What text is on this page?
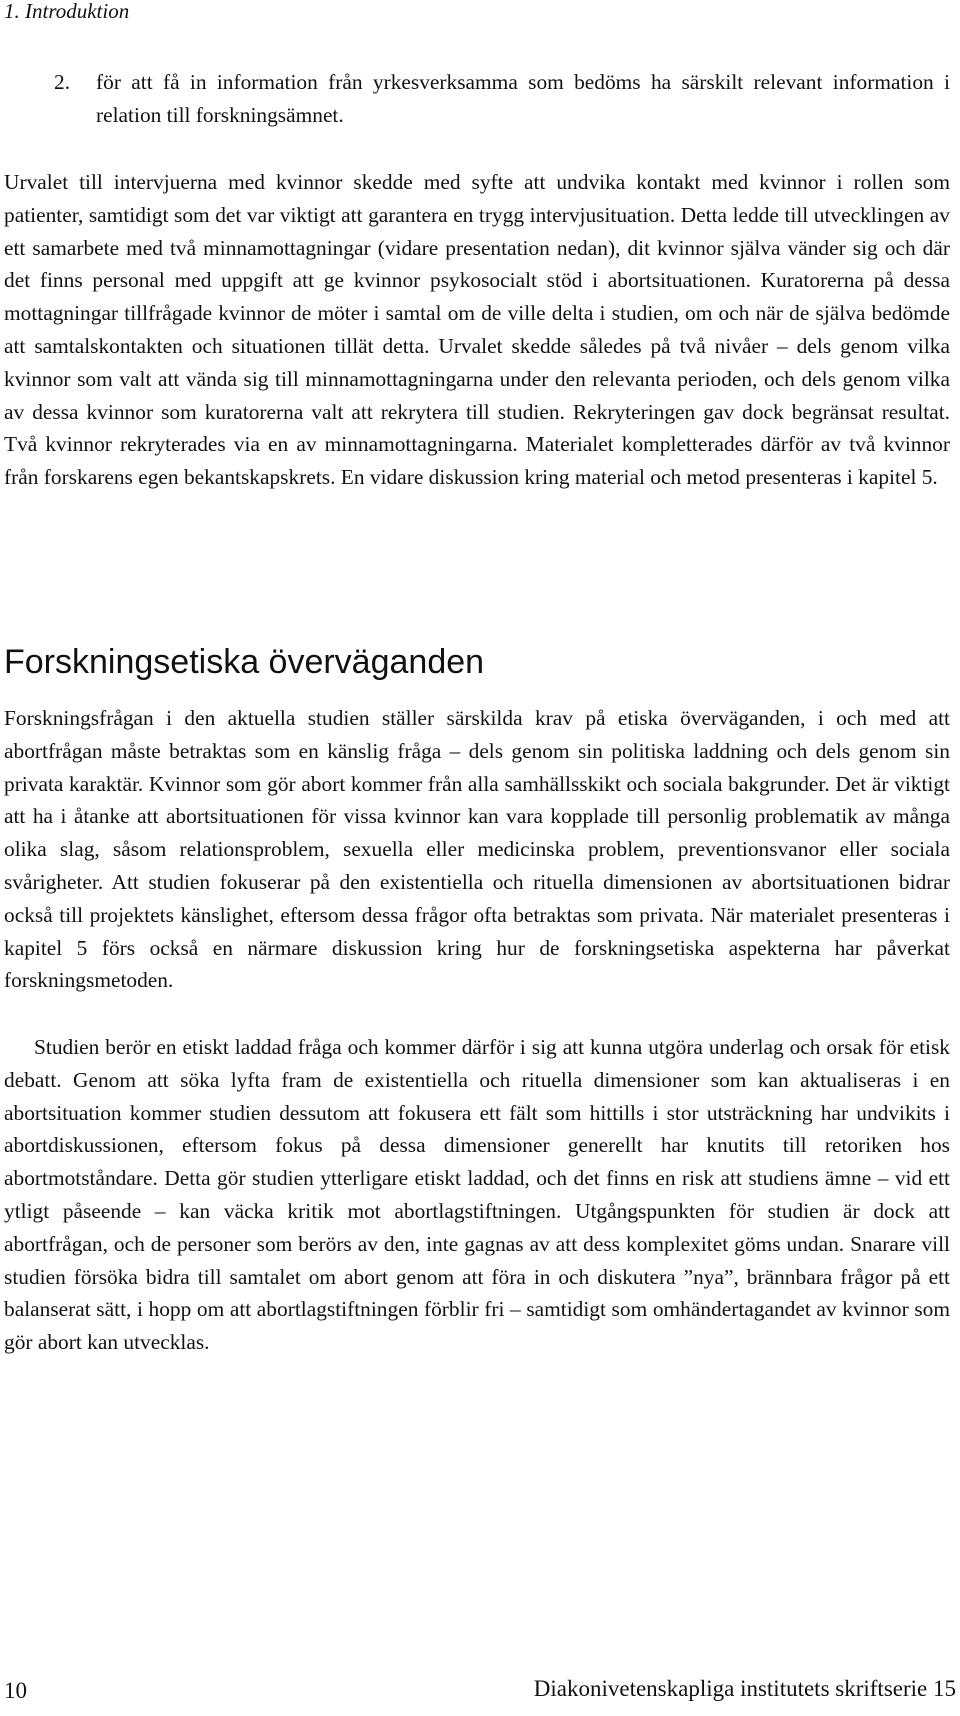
1. Introduktion

2.	för att få in information från yrkesverksamma som bedöms ha särskilt relevant information i relation till forskningsämnet.

Urvalet till intervjuerna med kvinnor skedde med syfte att undvika kontakt med kvinnor i rollen som patienter, samtidigt som det var viktigt att garantera en trygg intervjusituation. Detta ledde till utvecklingen av ett samarbete med två minnamottagningar (vidare presentation nedan), dit kvinnor själva vänder sig och där det finns personal med uppgift att ge kvinnor psykosocialt stöd i abortsituationen. Kuratorerna på dessa mottagningar tillfrågade kvinnor de möter i samtal om de ville delta i studien, om och när de själva bedömde att samtalskontakten och situationen tillät detta. Urvalet skedde således på två nivåer – dels genom vilka kvinnor som valt att vända sig till minnamottagningarna under den relevanta perioden, och dels genom vilka av dessa kvinnor som kuratorerna valt att rekrytera till studien. Rekryteringen gav dock begränsat resultat. Två kvinnor rekryterades via en av minnamottagningarna. Materialet kompletterades därför av två kvinnor från forskarens egen bekantskapskrets. En vidare diskussion kring material och metod presenteras i kapitel 5.

Forskningsetiska överväganden

Forskningsfrågan i den aktuella studien ställer särskilda krav på etiska överväganden, i och med att abortfrågan måste betraktas som en känslig fråga – dels genom sin politiska laddning och dels genom sin privata karaktär. Kvinnor som gör abort kommer från alla samhällsskikt och sociala bakgrunder. Det är viktigt att ha i åtanke att abortsituationen för vissa kvinnor kan vara kopplade till personlig problematik av många olika slag, såsom relationsproblem, sexuella eller medicinska problem, preventionsvanor eller sociala svårigheter. Att studien fokuserar på den existentiella och rituella dimensionen av abortsituationen bidrar också till projektets känslighet, eftersom dessa frågor ofta betraktas som privata. När materialet presenteras i kapitel 5 förs också en närmare diskussion kring hur de forskningsetiska aspekterna har påverkat forskningsmetoden.

Studien berör en etiskt laddad fråga och kommer därför i sig att kunna utgöra underlag och orsak för etisk debatt. Genom att söka lyfta fram de existentiella och rituella dimensioner som kan aktualiseras i en abortsituation kommer studien dessutom att fokusera ett fält som hittills i stor utsträckning har undvikits i abortdiskussionen, eftersom fokus på dessa dimensioner generellt har knutits till retoriken hos abortmotståndare. Detta gör studien ytterligare etiskt laddad, och det finns en risk att studiens ämne – vid ett ytligt påseende – kan väcka kritik mot abortlagstiftningen. Utgångspunkten för studien är dock att abortfrågan, och de personer som berörs av den, inte gagnas av att dess komplexitet göms undan. Snarare vill studien försöka bidra till samtalet om abort genom att föra in och diskutera ”nya”, brännbara frågor på ett balanserat sätt, i hopp om att abortlagstiftningen förblir fri – samtidigt som omhändertagandet av kvinnor som gör abort kan utvecklas.

10	Diakonivetenskapliga institutets skriftserie 15
